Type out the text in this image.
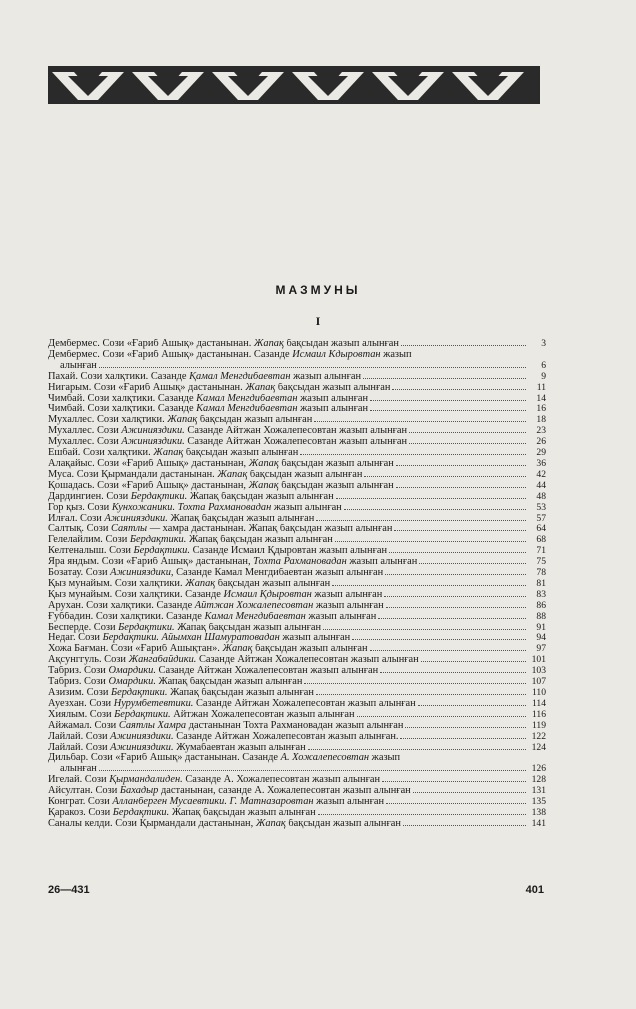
МАЗМУНЫ
I
Дембермес. Сози «Ғариб Ашық» дастанынан. Жапақ бақсыдан жазып алынған	3
Дембермес. Сози «Ғариб Ашық» дастанынан. Сазанде Исмаил Кдыровтан жазып
алынған	6
Пахай. Сози халқтики. Сазанде Қамал Менгдибаевтан жазып алынған	9
Нигарым. Сози «Ғариб Ашық» дастанынан. Жапақ бақсыдан жазып алынған	11
Чимбай. Сози халқтики. Сазанде Камал Менгдибаевтан жазып алынған	14
Чимбай. Сози халқтики. Сазанде Камал Менгдибаевтан жазып алынған	16
Мухаллес. Сози халқтики. Жапақ бақсыдан жазып алынған	18
Мухаллес. Сози Ажинияздики. Сазанде Айтжан Хожалепесовтан жазып алынған	23
Мухаллес. Сози Ажинияздики. Сазанде Айтжан Хожалепесовтан жазып алынған	26
Ешбай. Сози халқтики. Жапақ бақсыдан жазып алынған	29
Алақайыс. Сози «Ғариб Ашық» дастанынан, Жапақ бақсыдан жазып алынған	36
Муса. Сози Қырмандали дастанынан. Жапақ бақсыдан жазып алынған	42
Қошадась. Сози «Ғариб Ашық» дастанынан, Жапақ бақсыдан жазып алынған	44
Дардингиен. Сози Бердақтики. Жапақ бақсыдан жазып алынған	48
Гор қыз. Сози Кунхожаники. Тохта Рахмановадан жазып алынған	53
Илғал. Сози Ажинияздики. Жапақ бақсыдан жазып алынған	57
Салтық. Сози Саятлы — хамра дастанынан. Жапақ бақсыдан жазып алынған	64
Гелелайлим. Сози Бердақтики. Жапақ бақсыдан жазып алынған	68
Келтеналыш. Сози Бердақтики. Сазанде Исмаил Қдыровтан жазып алынған	71
Яра яндым. Сози «Ғариб Ашық» дастанынан, Тохта Рахмановадан жазып алынған	75
Бозатау. Сози Ажинияздики, Сазанде Камал Менгдибаевтан жазып алынған	78
Қыз мунайым. Сози халқтики. Жапақ бақсыдан жазып алынған	81
Қыз мунайым. Сози халқтики. Сазанде Исмаил Қдыровтан жазып алынған	83
Арухан. Сози халқтики. Сазанде Айтжан Хожалепесовтан жазып алынған	86
Ғуббадин. Сози халқтики. Сазанде Камал Менгдибаевтан жазып алынған	88
Бесперде. Сози Бердақтики. Жапақ бақсыдан жазып алынған	91
Недаг. Сози Бердақтики. Айымхан Шамуратовадан жазып алынған	94
Хожа Бағман. Сози «Ғариб Ашықтан». Жапақ бақсыдан жазып алынған	97
Ақсунггуль. Сози Жангабайдики. Сазанде Айтжан Хожалепесовтан жазып алынған	101
Табриз. Сози Омардики. Сазанде Айтжан Хожалепесовтан жазып алынған	103
Табриз. Сози Омардики. Жапақ бақсыдан жазып алынған	107
Азизим. Сози Бердақтики. Жапақ бақсыдан жазып алынған	110
Ауезхан. Сози Нурумбетевтики. Сазанде Айтжан Хожалепесовтан жазып алынған	114
Хиялым. Сози Бердақтики. Айтжан Хожалепесовтан жазып алынған	116
Айжамал. Сози Саятлы Хамра дастанынан Тохта Рахмановадан жазып алынған	119
Лайлай. Сози Ажинияздики. Сазанде Айтжан Хожалепесовтан жазып алынған.	122
Лайлай. Сози Ажинияздики. Жумабаевтан жазып алынған	124
Дильбар. Сози «Ғариб Ашық» дастанынан. Сазанде А. Хожалепесовтан жазып
алынған	126
Игелай. Сози Қырмандалиден. Сазанде А. Хожалепесовтан жазып алынған	128
Айсултан. Сози Бахадыр дастанынан, сазанде А. Хожалепесовтан жазып алынған	131
Конграт. Сози Алланберген Мусаевтики. Г. Матназаровтан жазып алынған	135
Қаракоз. Сози Бердақтики. Жапақ бақсыдан жазып алынған	138
Саналы келди. Сози Қырмандали дастанынан, Жапақ бақсыдан жазып алынған	141
26—431	401
